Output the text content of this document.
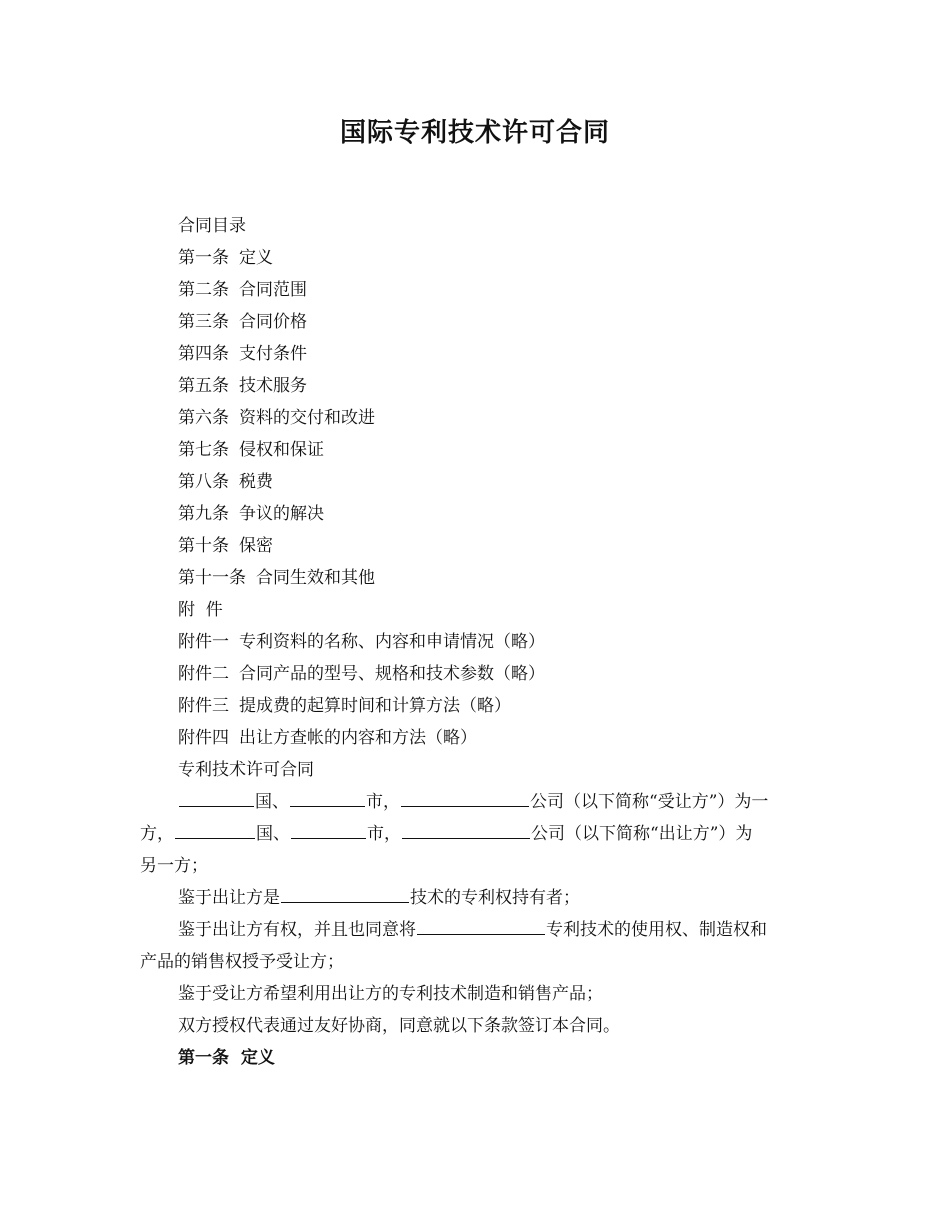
国际专利技术许可合同
合同目录
第一条 定义
第二条 合同范围
第三条 合同价格
第四条 支付条件
第五条 技术服务
第六条 资料的交付和改进
第七条 侵权和保证
第八条 税费
第九条 争议的解决
第十条 保密
第十一条 合同生效和其他
附  件
附件一 专利资料的名称、内容和申请情况（略）
附件二 合同产品的型号、规格和技术参数（略）
附件三 提成费的起算时间和计算方法（略）
附件四 出让方查帐的内容和方法（略）
专利技术许可合同
国、	市，	公司（以下简称“受让方”）为一
方，	国、	市，	公司（以下简称“出让方”）为
另一方；
鉴于出让方是	技术的专利权持有者；
鉴于出让方有权，并且也同意将	专利技术的使用权、制造权和
产品的销售权授予受让方；
鉴于受让方希望利用出让方的专利技术制造和销售产品；
双方授权代表通过友好协商，同意就以下条款签订本合同。
第一条  定义
